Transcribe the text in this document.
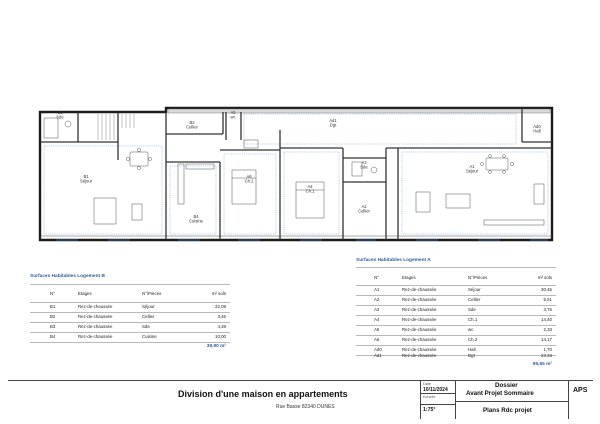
B3
Sde
B2
Cellier
A5
wc
Ad1
Dgt	Ad0
Hall
B1
Séjour
A6
Ch.2
A4
Ch.1
A3
Sde
A2
Cellier
A1
Séjour
B4
Cuisine
Surfaces Habitables Logement B
N°	Etages	N°/Pièces	m² sols
B1	Rez-de-chaussée	Séjour	22,09
B2	Rez-de-chaussée	Cellier	3,46
B3	Rez-de-chaussée	Sde	4,39
B4	Rez-de-chaussée	Cuisine	10,00
39,90 m²
Surfaces Habitables Logement A
N°	Etages	N°/Pièces	m² sols
A1	Rez-de-chaussée	Séjour	30,45
A2	Rez-de-chaussée	Cellier	5,51
A3	Rez-de-chaussée	Sde	3,76
A4	Rez-de-chaussée	Ch.1	14,40
A5	Rez-de-chaussée	wc	2,33
A6	Rez-de-chaussée	Ch.2	14,17
Ad0	Rez-de-chaussée	Hall	1,70
Ad1	Rez-de-chaussée	Dgt	23,33
95,65 m²
Division d'une maison en appartements
Rue Basse 82340 DUNES
Date
10/11/2024
Echelle
1:75°
Dossier
Avant Projet Sommaire
Plans Rdc projet
APS
